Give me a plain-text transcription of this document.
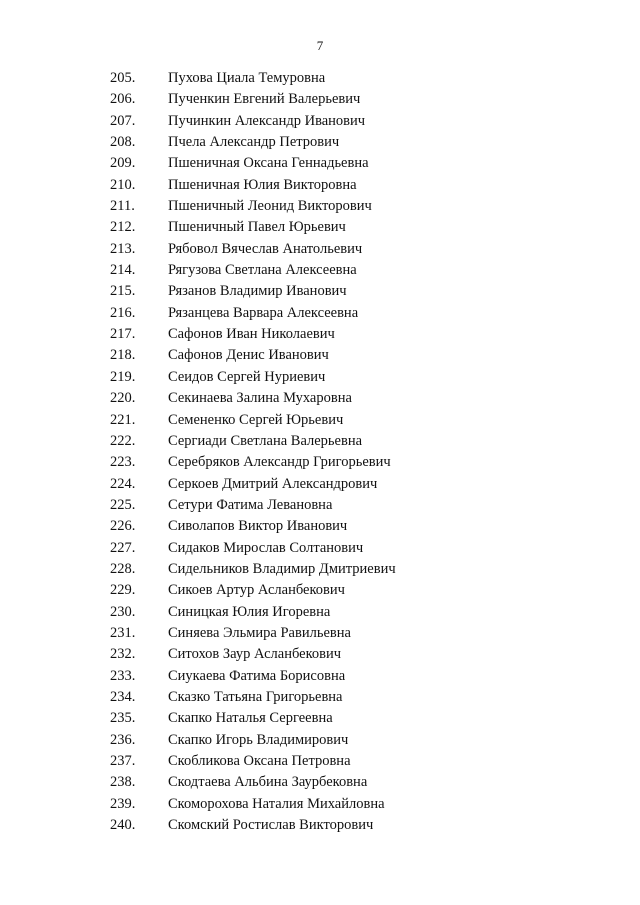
7
205. Пухова Циала Темуровна
206. Пученкин Евгений Валерьевич
207. Пучинкин Александр Иванович
208. Пчела Александр Петрович
209. Пшеничная Оксана Геннадьевна
210. Пшеничная Юлия Викторовна
211. Пшеничный Леонид Викторович
212. Пшеничный Павел Юрьевич
213. Рябовол Вячеслав Анатольевич
214. Рягузова Светлана Алексеевна
215. Рязанов Владимир Иванович
216. Рязанцева Варвара Алексеевна
217. Сафонов Иван Николаевич
218. Сафонов Денис Иванович
219. Сеидов Сергей Нуриевич
220. Секинаева Залина Мухаровна
221. Семененко Сергей Юрьевич
222. Сергиади Светлана Валерьевна
223. Серебряков Александр Григорьевич
224. Серкоев Дмитрий Александрович
225. Сетури Фатима Левановна
226. Сиволапов Виктор Иванович
227. Сидаков Мирослав Солтанович
228. Сидельников Владимир Дмитриевич
229. Сикоев Артур Асланбекович
230. Синицкая Юлия Игоревна
231. Синяева Эльмира Равильевна
232. Ситохов Заур Асланбекович
233. Сиукаева Фатима Борисовна
234. Сказко Татьяна Григорьевна
235. Скапко Наталья Сергеевна
236. Скапко Игорь Владимирович
237. Скобликова Оксана Петровна
238. Скодтаева Альбина Заурбековна
239. Скоморохова Наталия Михайловна
240. Скомский Ростислав Викторович
